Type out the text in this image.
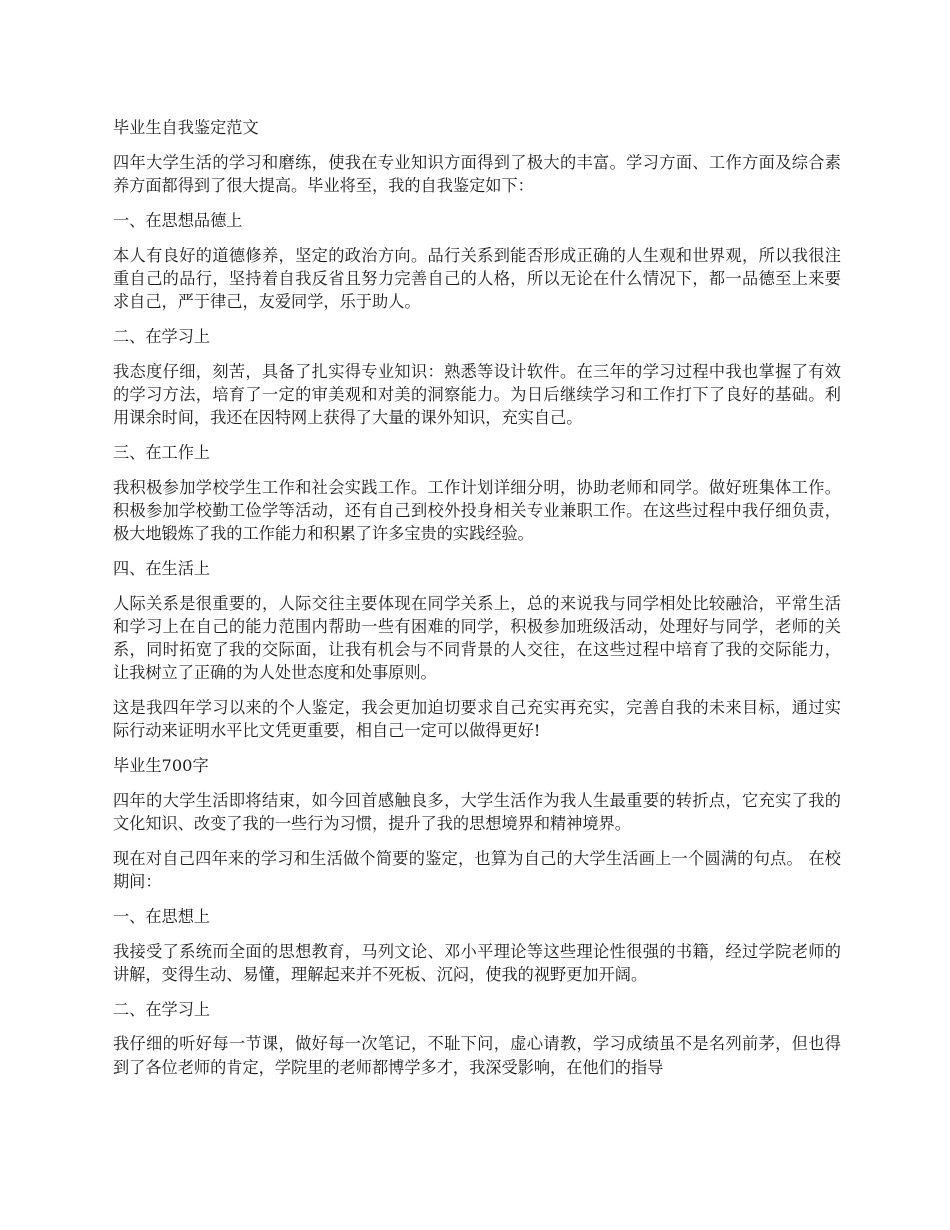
毕业生自我鉴定范文

四年大学生活的学习和磨练，使我在专业知识方面得到了极大的丰富。学习方面、工作方面及综合素养方面都得到了很大提高。毕业将至，我的自我鉴定如下：

一、在思想品德上

本人有良好的道德修养，坚定的政治方向。品行关系到能否形成正确的人生观和世界观，所以我很注重自己的品行，坚持着自我反省且努力完善自己的人格，所以无论在什么情况下，都一品德至上来要求自己，严于律己，友爱同学，乐于助人。

二、在学习上

我态度仔细，刻苦，具备了扎实得专业知识：熟悉等设计软件。在三年的学习过程中我也掌握了有效的学习方法，培育了一定的审美观和对美的洞察能力。为日后继续学习和工作打下了良好的基础。利用课余时间，我还在因特网上获得了大量的课外知识，充实自己。

三、在工作上

我积极参加学校学生工作和社会实践工作。工作计划详细分明，协助老师和同学。做好班集体工作。积极参加学校勤工俭学等活动，还有自己到校外投身相关专业兼职工作。在这些过程中我仔细负责，极大地锻炼了我的工作能力和积累了许多宝贵的实践经验。

四、在生活上

人际关系是很重要的，人际交往主要体现在同学关系上，总的来说我与同学相处比较融洽，平常生活和学习上在自己的能力范围内帮助一些有困难的同学，积极参加班级活动，处理好与同学，老师的关系，同时拓宽了我的交际面，让我有机会与不同背景的人交往，在这些过程中培育了我的交际能力，让我树立了正确的为人处世态度和处事原则。

这是我四年学习以来的个人鉴定，我会更加迫切要求自己充实再充实，完善自我的未来目标，通过实际行动来证明水平比文凭更重要，相自己一定可以做得更好!

毕业生700字

四年的大学生活即将结束，如今回首感触良多，大学生活作为我人生最重要的转折点，它充实了我的文化知识、改变了我的一些行为习惯，提升了我的思想境界和精神境界。

现在对自己四年来的学习和生活做个简要的鉴定，也算为自己的大学生活画上一个圆满的句点。 在校期间：

一、在思想上

我接受了系统而全面的思想教育，马列文论、邓小平理论等这些理论性很强的书籍，经过学院老师的讲解，变得生动、易懂，理解起来并不死板、沉闷，使我的视野更加开阔。

二、在学习上

我仔细的听好每一节课，做好每一次笔记，不耻下问，虚心请教，学习成绩虽不是名列前茅，但也得到了各位老师的肯定，学院里的老师都博学多才，我深受影响，在他们的指导
